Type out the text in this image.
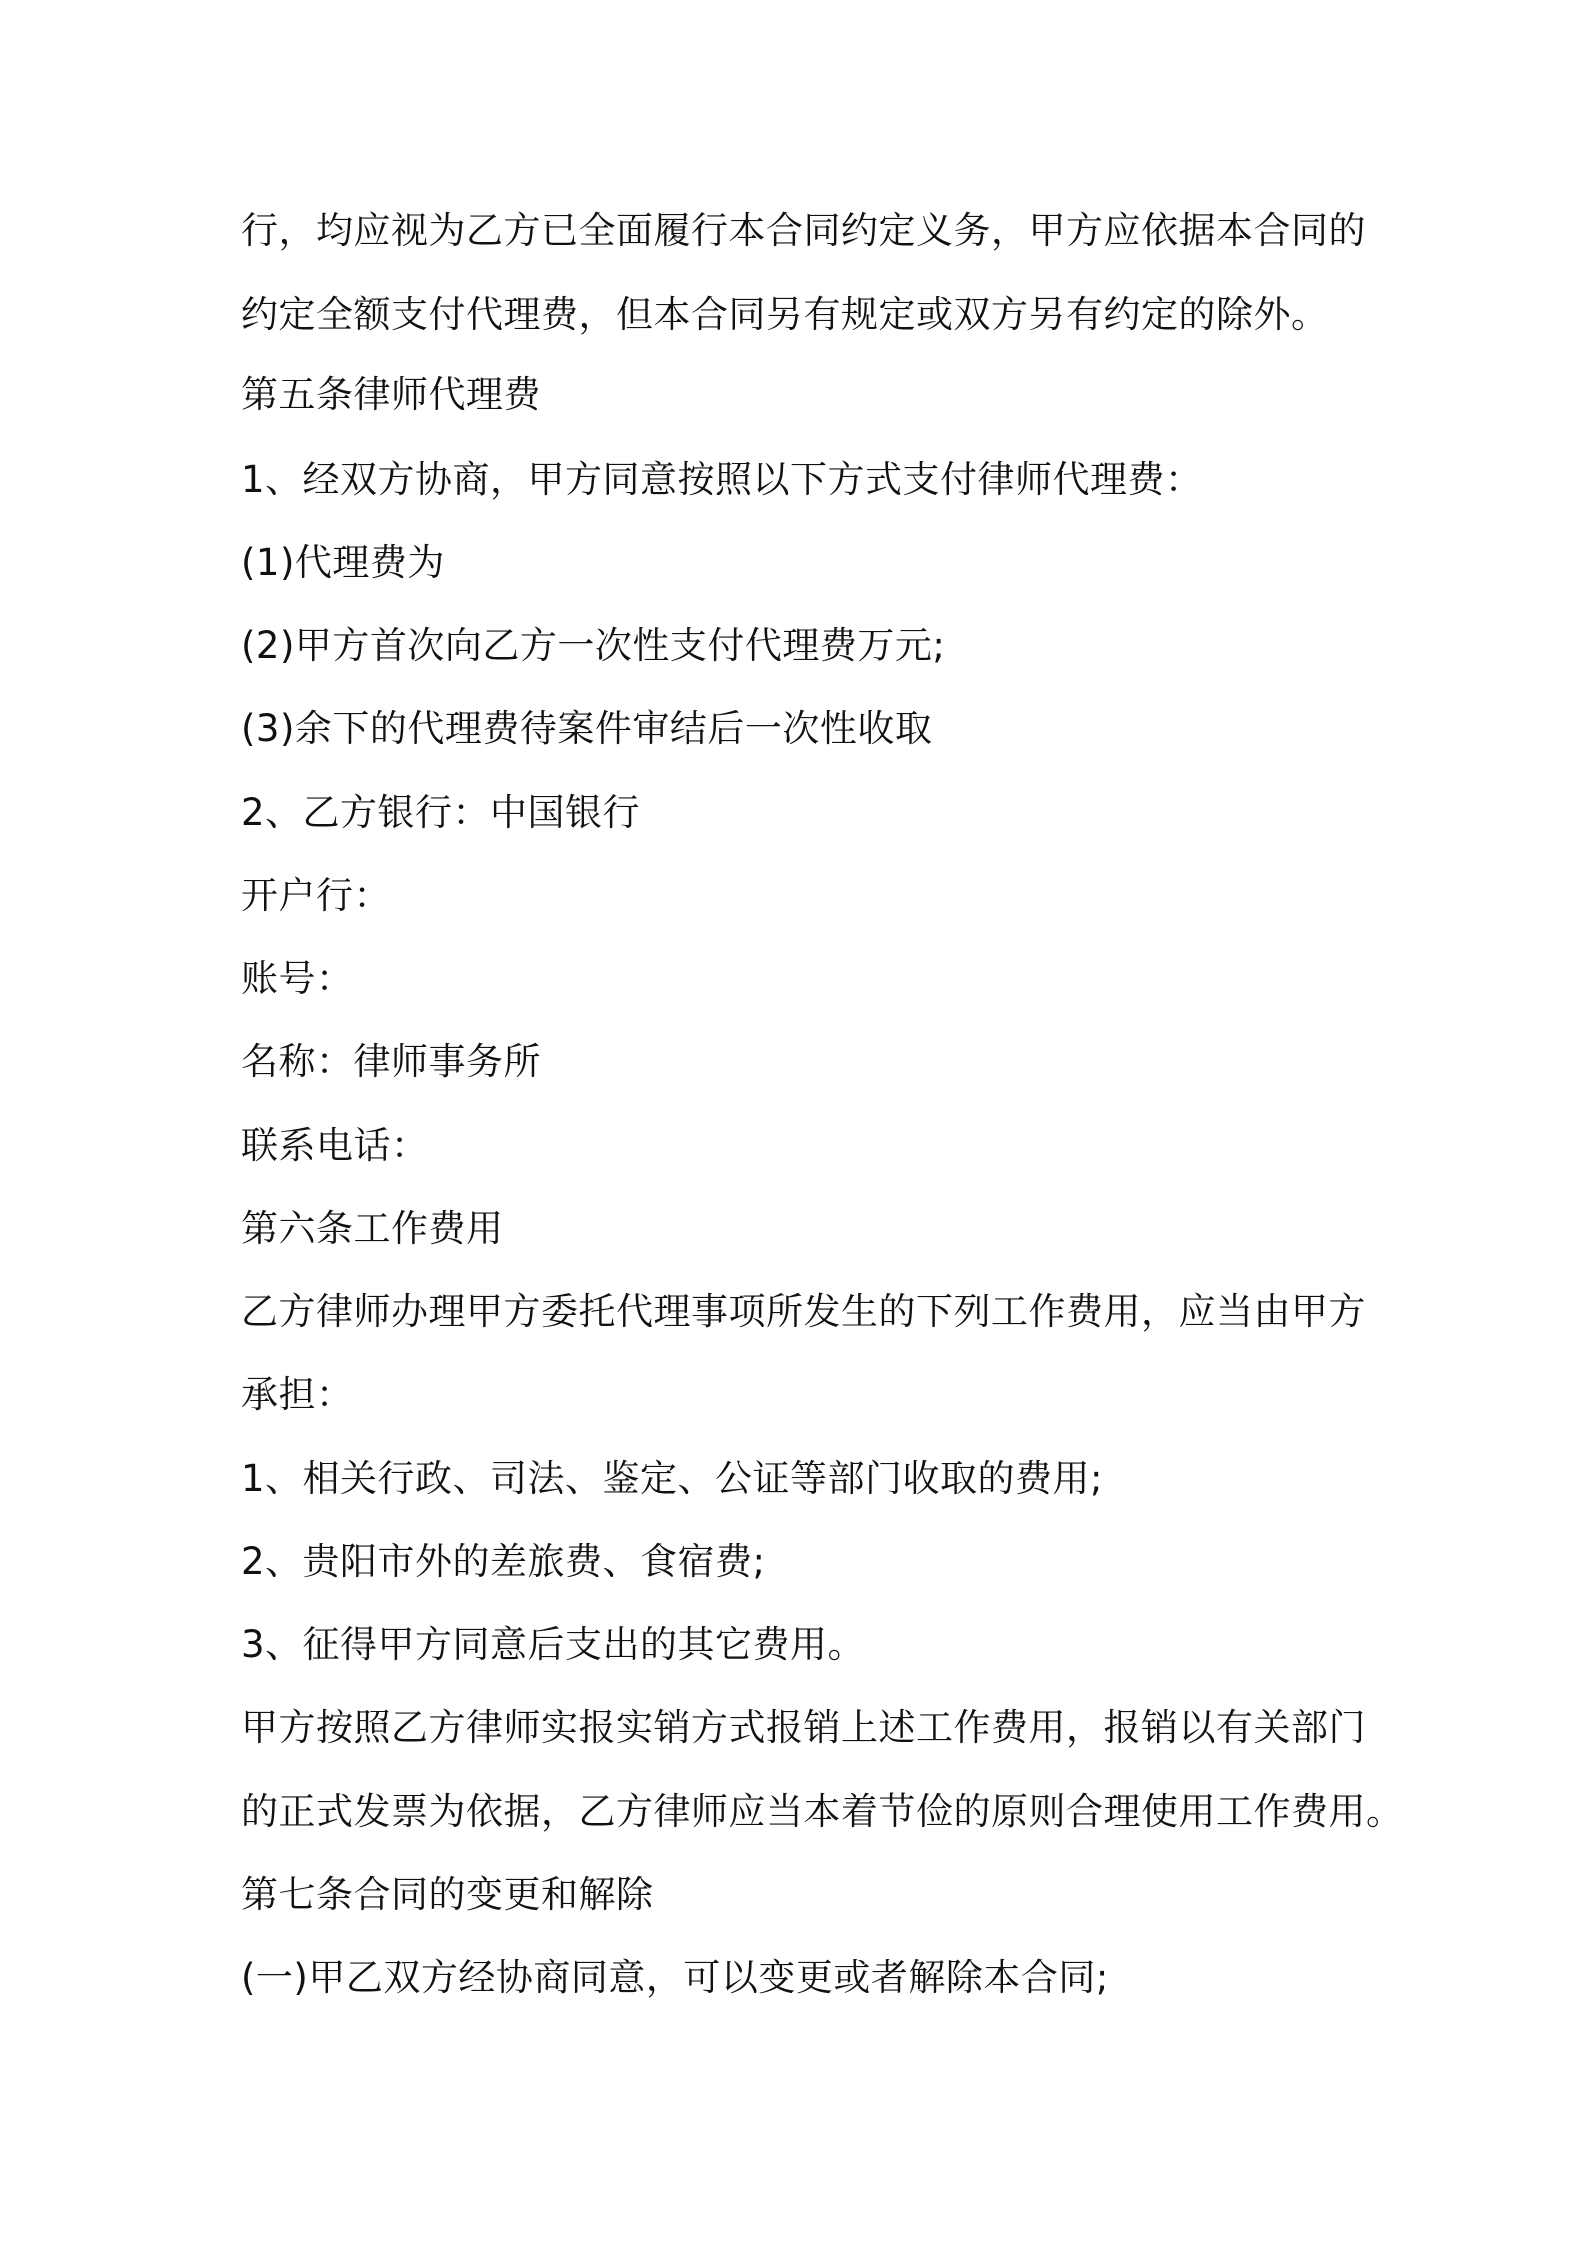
行，均应视为乙方已全面履行本合同约定义务，甲方应依据本合同的
约定全额支付代理费，但本合同另有规定或双方另有约定的除外。
第五条律师代理费
1、经双方协商，甲方同意按照以下方式支付律师代理费：
(1)代理费为
(2)甲方首次向乙方一次性支付代理费万元;
(3)余下的代理费待案件审结后一次性收取
2、乙方银行：中国银行
开户行：
账号：
名称：律师事务所
联系电话：
第六条工作费用
乙方律师办理甲方委托代理事项所发生的下列工作费用，应当由甲方
承担：
1、相关行政、司法、鉴定、公证等部门收取的费用;
2、贵阳市外的差旅费、食宿费;
3、征得甲方同意后支出的其它费用。
甲方按照乙方律师实报实销方式报销上述工作费用，报销以有关部门
的正式发票为依据，乙方律师应当本着节俭的原则合理使用工作费用。
第七条合同的变更和解除
(一)甲乙双方经协商同意，可以变更或者解除本合同;
